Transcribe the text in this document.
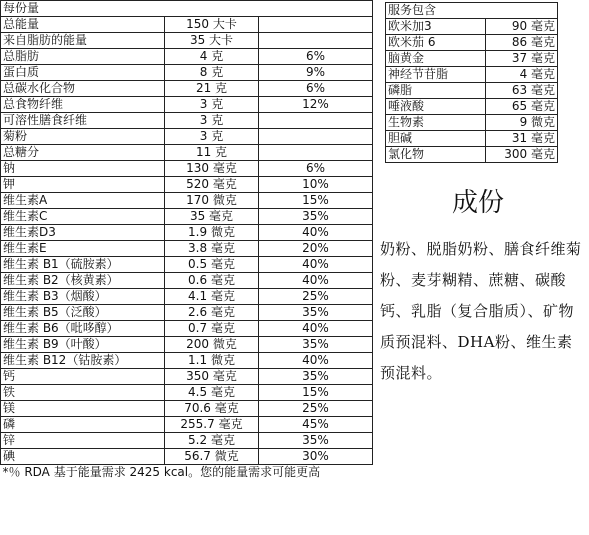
每份量		
总能量	150 大卡	
来自脂肪的能量	35 大卡	
总脂肪	4 克	6%
蛋白质	8 克	9%
总碳水化合物	21 克	6%
总食物纤维	3 克	12%
可溶性膳食纤维	3 克	
菊粉	3 克	
总糖分	11 克	
钠	130 毫克	6%
钾	520 毫克	10%
维生素A	170 微克	15%
维生素C	35 毫克	35%
维生素D3	1.9 微克	40%
维生素E	3.8 毫克	20%
维生素 B1（硫胺素）	0.5 毫克	40%
维生素 B2（核黄素）	0.6 毫克	40%
维生素 B3（烟酸）	4.1 毫克	25%
维生素 B5（泛酸）	2.6 毫克	35%
维生素 B6（吡哆醇）	0.7 毫克	40%
维生素 B9（叶酸）	200 微克	35%
维生素 B12（钴胺素）	1.1 微克	40%
钙	350 毫克	35%
铁	4.5 毫克	15%
镁	70.6 毫克	25%
磷	255.7 毫克	45%
锌	5.2 毫克	35%
碘	56.7 微克	30%
*％ RDA 基于能量需求 2425 kcal。您的能量需求可能更高		
服务包含	
欧米加3	90 毫克
欧米茄 6	86 毫克
脑黄金	37 毫克
神经节苷脂	4 毫克
磷脂	63 毫克
唾液酸	65 毫克
生物素	9 微克
胆碱	31 毫克
氯化物	300 毫克
成份
奶粉、脱脂奶粉、膳食纤维菊粉、麦芽糊精、蔗糖、碳酸钙、乳脂（复合脂质）、矿物质预混料、DHA粉、维生素预混料。
